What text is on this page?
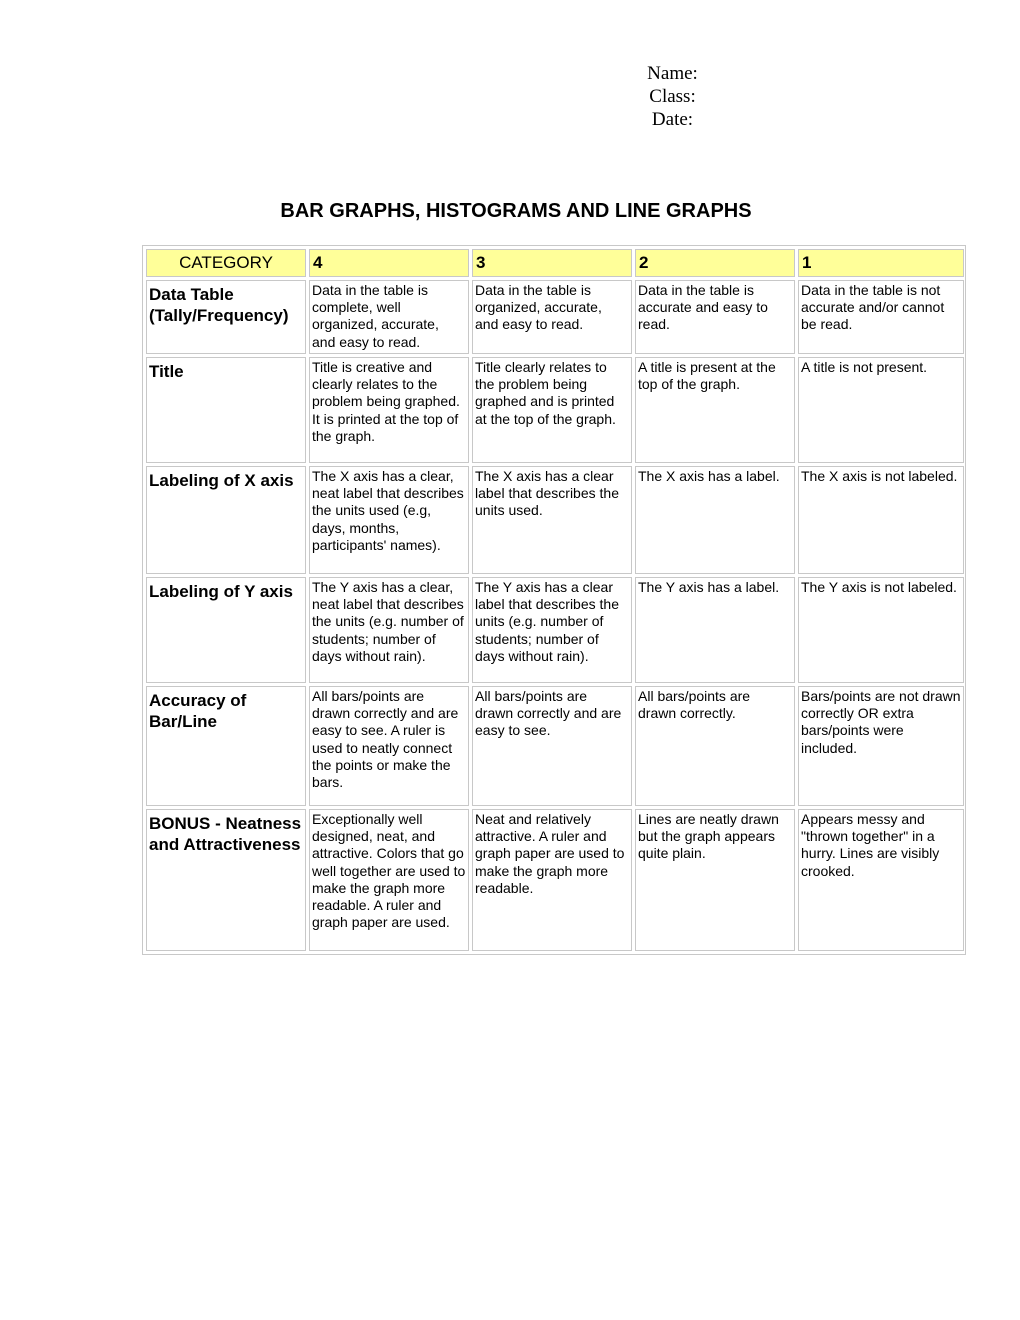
Name:
Class:
Date:
BAR GRAPHS, HISTOGRAMS AND LINE GRAPHS
CATEGORY	4	3	2	1
Data Table (Tally/Frequency)	Data in the table is complete, well organized, accurate, and easy to read.	Data in the table is organized, accurate, and easy to read.	Data in the table is accurate and easy to read.	Data in the table is not accurate and/or cannot be read.
Title	Title is creative and clearly relates to the problem being graphed. It is printed at the top of the graph.	Title clearly relates to the problem being graphed and is printed at the top of the graph.	A title is present at the top of the graph.	A title is not present.
Labeling of X axis	The X axis has a clear, neat label that describes the units used (e.g, days, months, participants' names).	The X axis has a clear label that describes the units used.	The X axis has a label.	The X axis is not labeled.
Labeling of Y axis	The Y axis has a clear, neat label that describes the units (e.g. number of students; number of days without rain).	The Y axis has a clear label that describes the units (e.g. number of students; number of days without rain).	The Y axis has a label.	The Y axis is not labeled.
Accuracy of Bar/Line	All bars/points are drawn correctly and are easy to see. A ruler is used to neatly connect the points or make the bars.	All bars/points are drawn correctly and are easy to see.	All bars/points are drawn correctly.	Bars/points are not drawn correctly OR extra bars/points were included.
BONUS - Neatness and Attractiveness	Exceptionally well designed, neat, and attractive. Colors that go well together are used to make the graph more readable. A ruler and graph paper are used.	Neat and relatively attractive. A ruler and graph paper are used to make the graph more readable.	Lines are neatly drawn but the graph appears quite plain.	Appears messy and "thrown together" in a hurry. Lines are visibly crooked.
